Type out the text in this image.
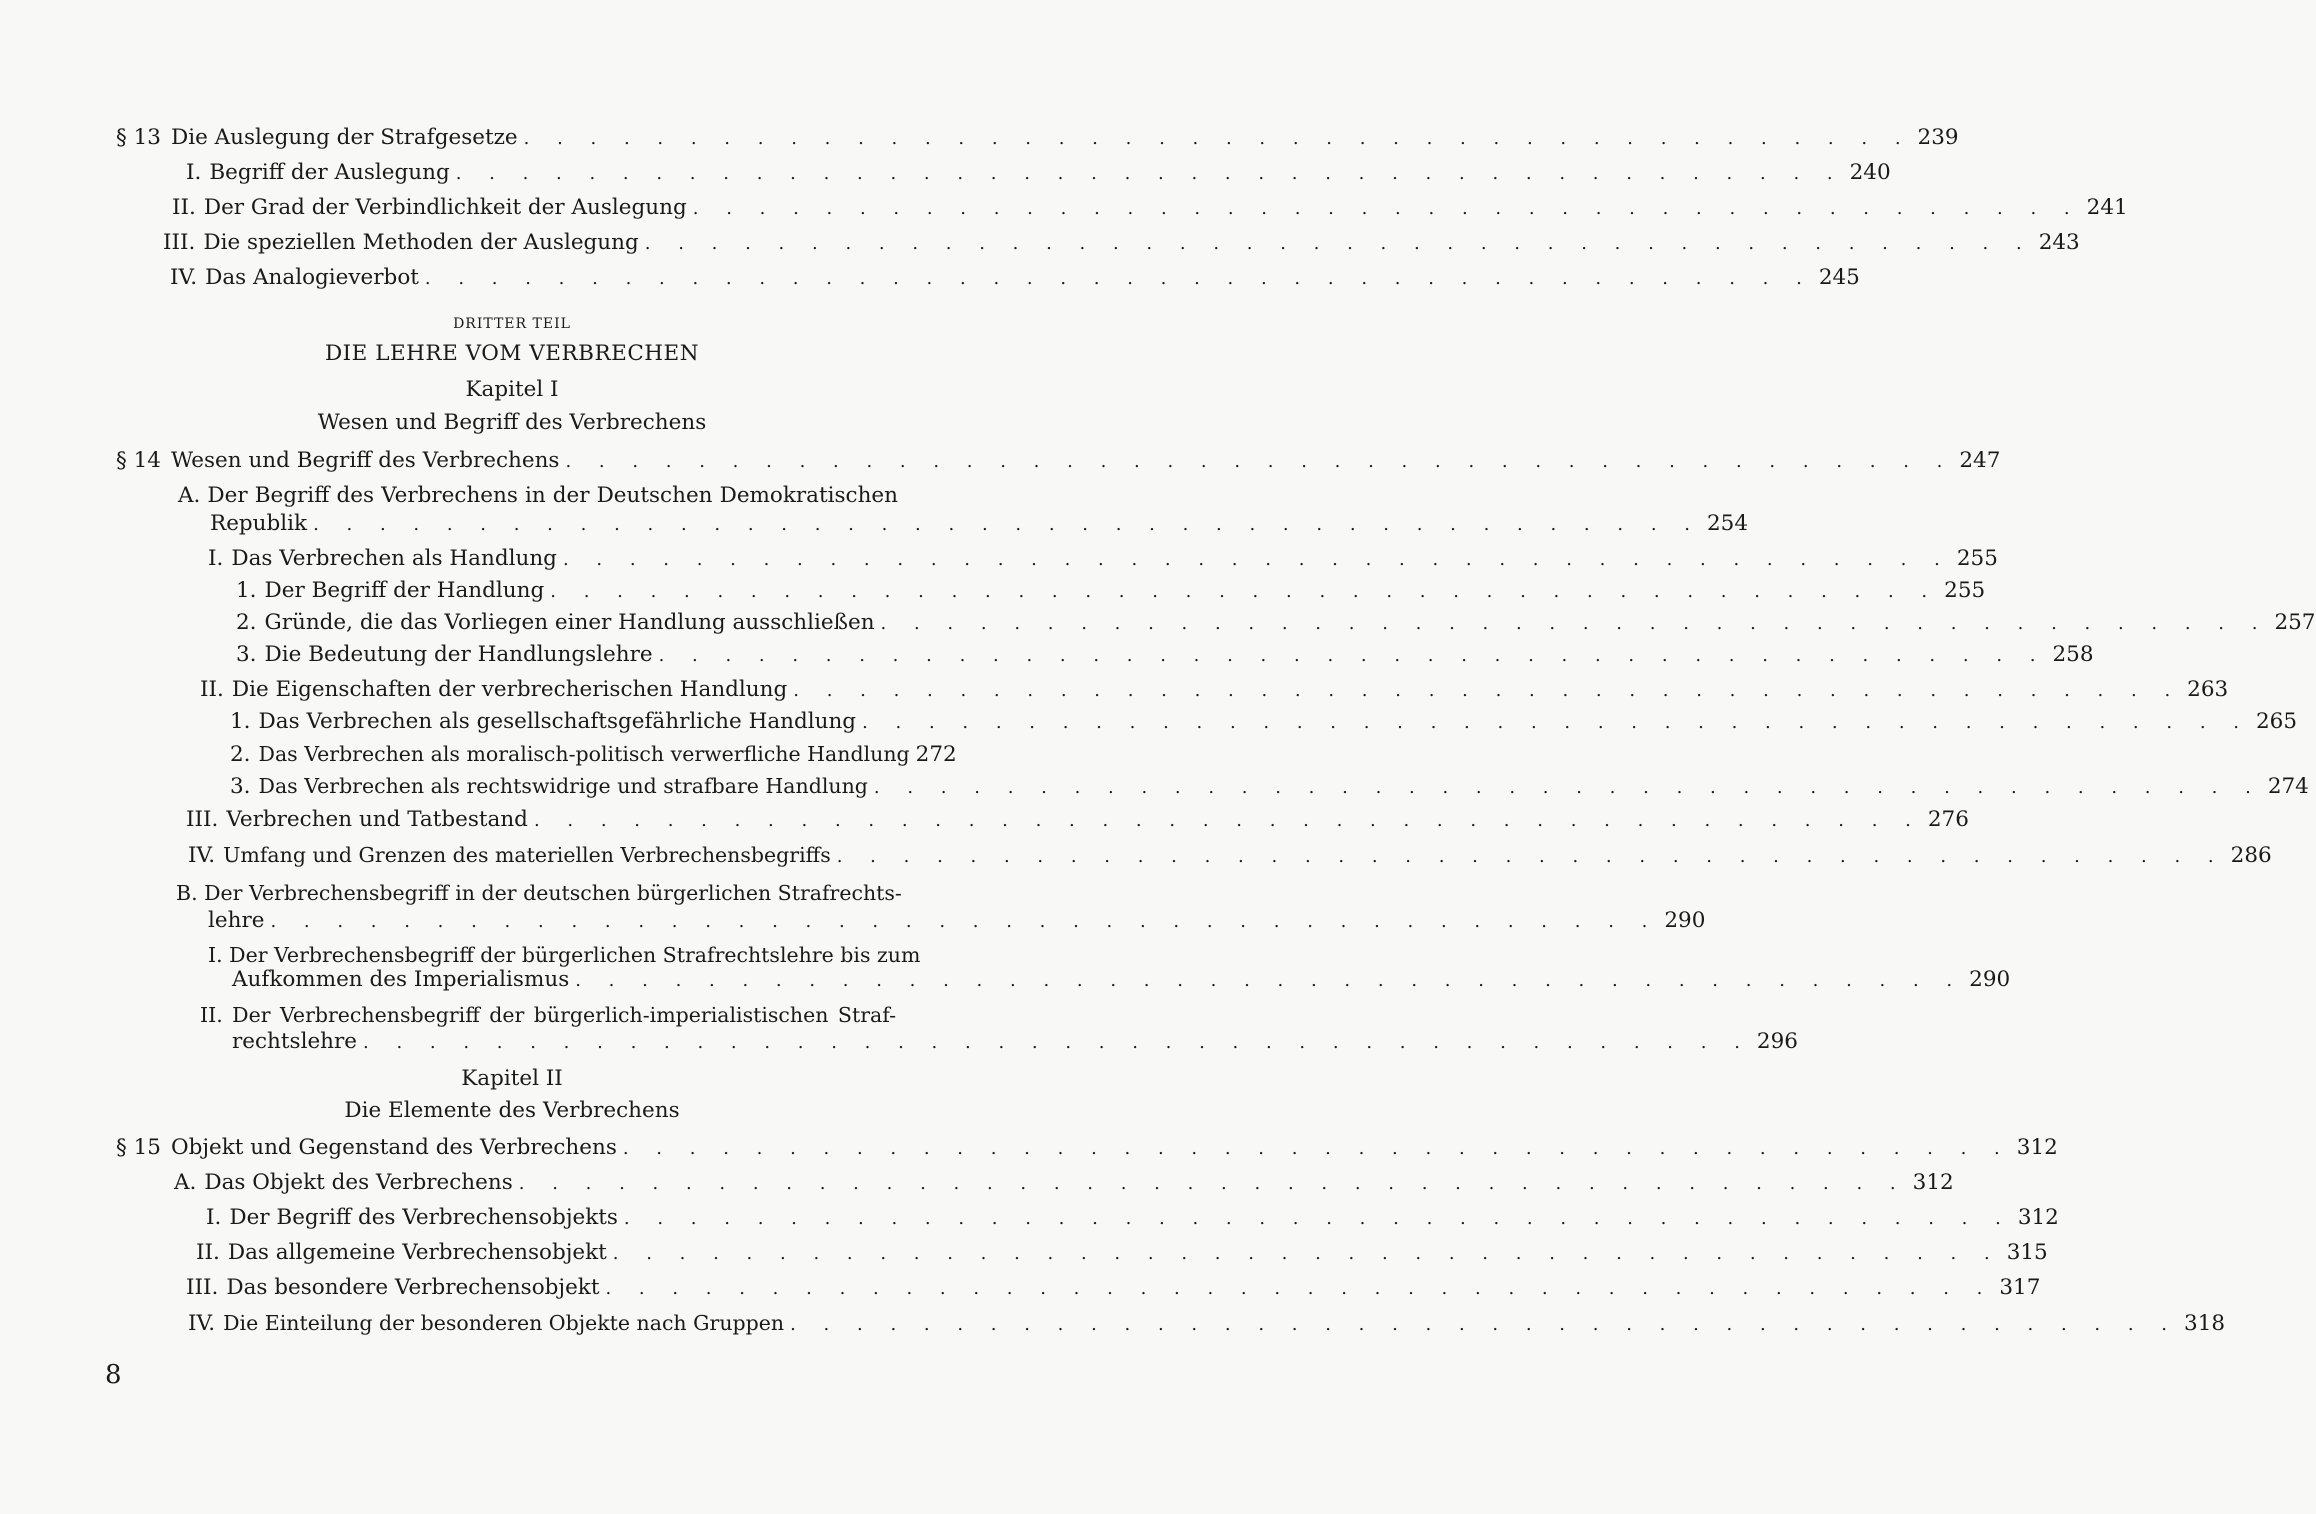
§ 13 Die Auslegung der Strafgesetze . . . . . . . . . . . . . . . . . . . . . . . . . . . . . . . . . . . . . . . . . . 239
I. Begriff der Auslegung . . . . . . . . . . . . . . . . . . . . . . . . . . . . . . . . . . . . . . . . . . 240
II. Der Grad der Verbindlichkeit der Auslegung . . . . . . . . . . . . . . . . . . . . . . . . . . . . . . . . . . . . . . . . . . 241
III. Die speziellen Methoden der Auslegung . . . . . . . . . . . . . . . . . . . . . . . . . . . . . . . . . . . . . . . . . . 243
IV. Das Analogieverbot . . . . . . . . . . . . . . . . . . . . . . . . . . . . . . . . . . . . . . . . . . 245
DRITTER TEIL
DIE LEHRE VOM VERBRECHEN
Kapitel I
Wesen und Begriff des Verbrechens
§ 14 Wesen und Begriff des Verbrechens . . . . . . . . . . . . . . . . . . . . . . . . . . . . . . . . . . . . . . . . . . 247
A. Der Begriff des Verbrechens in der Deutschen Demokratischen
Republik . . . . . . . . . . . . . . . . . . . . . . . . . . . . . . . . . . . . . . . . . . 254
I. Das Verbrechen als Handlung . . . . . . . . . . . . . . . . . . . . . . . . . . . . . . . . . . . . . . . . . . 255
1. Der Begriff der Handlung . . . . . . . . . . . . . . . . . . . . . . . . . . . . . . . . . . . . . . . . . . 255
2. Gründe, die das Vorliegen einer Handlung ausschließen . . . . . . . . . . . . . . . . . . . . . . . . . . . . . . . . . . . . . . . . . . 257
3. Die Bedeutung der Handlungslehre . . . . . . . . . . . . . . . . . . . . . . . . . . . . . . . . . . . . . . . . . . 258
II. Die Eigenschaften der verbrecherischen Handlung . . . . . . . . . . . . . . . . . . . . . . . . . . . . . . . . . . . . . . . . . . 263
1. Das Verbrechen als gesellschaftsgefährliche Handlung . . . . . . . . . . . . . . . . . . . . . . . . . . . . . . . . . . . . . . . . . . 265
2. Das Verbrechen als moralisch-politisch verwerfliche Handlung 272
3. Das Verbrechen als rechtswidrige und strafbare Handlung . . . . . . . . . . . . . . . . . . . . . . . . . . . . . . . . . . . . . . . . . . 274
III. Verbrechen und Tatbestand . . . . . . . . . . . . . . . . . . . . . . . . . . . . . . . . . . . . . . . . . . 276
IV. Umfang und Grenzen des materiellen Verbrechensbegriffs . . . . . . . . . . . . . . . . . . . . . . . . . . . . . . . . . . . . . . . . . . 286
B. Der Verbrechensbegriff in der deutschen bürgerlichen Strafrechts-
lehre . . . . . . . . . . . . . . . . . . . . . . . . . . . . . . . . . . . . . . . . . . 290
I. Der Verbrechensbegriff der bürgerlichen Strafrechtslehre bis zum
Aufkommen des Imperialismus . . . . . . . . . . . . . . . . . . . . . . . . . . . . . . . . . . . . . . . . . . 290
II. Der Verbrechensbegriff der bürgerlich-imperialistischen Straf-
rechtslehre . . . . . . . . . . . . . . . . . . . . . . . . . . . . . . . . . . . . . . . . . . 296
Kapitel II
Die Elemente des Verbrechens
§ 15 Objekt und Gegenstand des Verbrechens . . . . . . . . . . . . . . . . . . . . . . . . . . . . . . . . . . . . . . . . . . 312
A. Das Objekt des Verbrechens . . . . . . . . . . . . . . . . . . . . . . . . . . . . . . . . . . . . . . . . . . 312
I. Der Begriff des Verbrechensobjekts . . . . . . . . . . . . . . . . . . . . . . . . . . . . . . . . . . . . . . . . . . 312
II. Das allgemeine Verbrechensobjekt . . . . . . . . . . . . . . . . . . . . . . . . . . . . . . . . . . . . . . . . . . 315
III. Das besondere Verbrechensobjekt . . . . . . . . . . . . . . . . . . . . . . . . . . . . . . . . . . . . . . . . . . 317
IV. Die Einteilung der besonderen Objekte nach Gruppen . . . . . . . . . . . . . . . . . . . . . . . . . . . . . . . . . . . . . . . . . . 318
8
